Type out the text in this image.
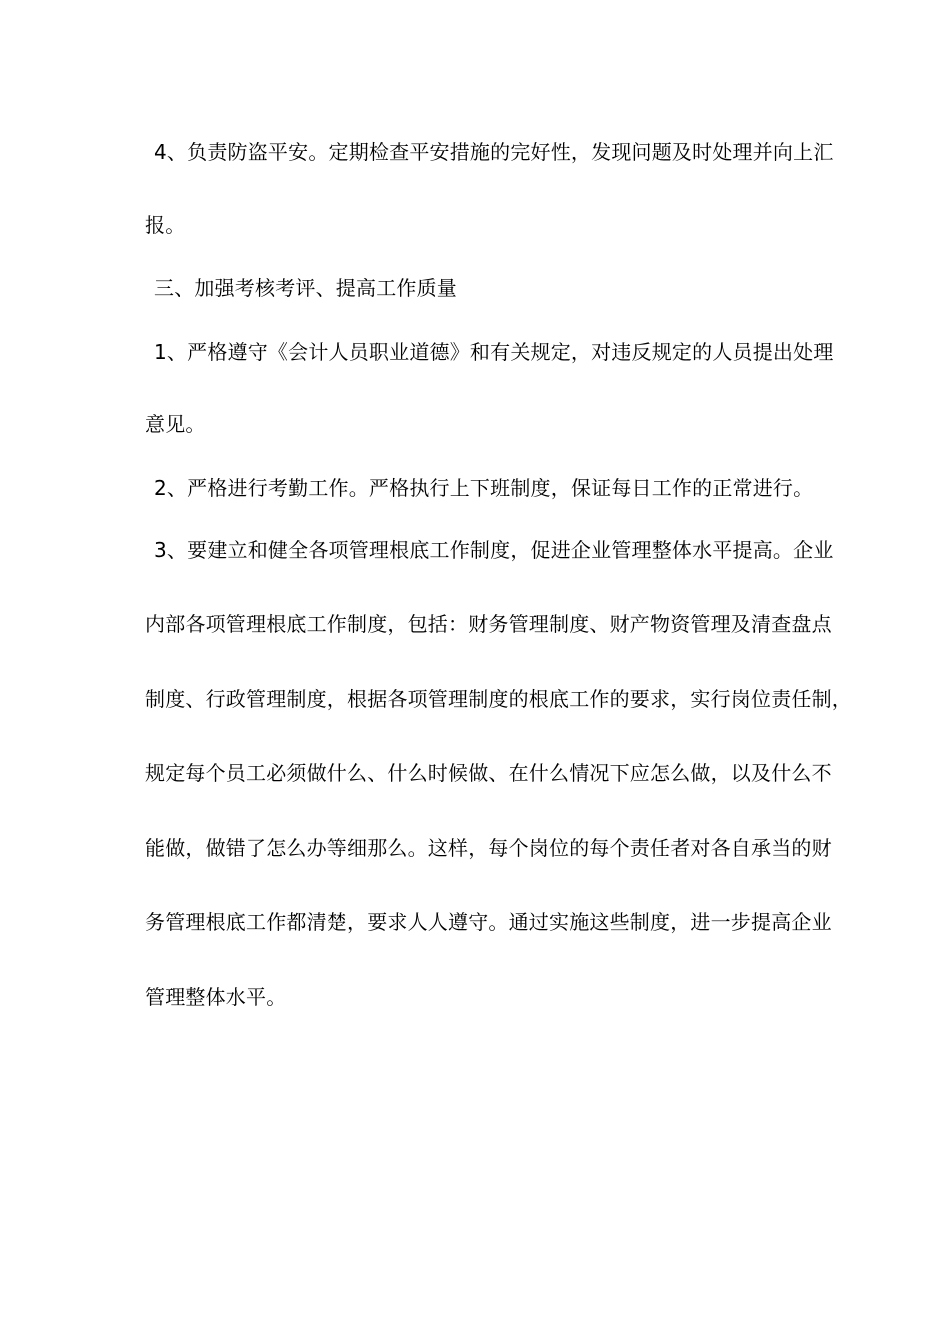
4、负责防盗平安。定期检查平安措施的完好性，发现问题及时处理并向上汇
报。
三、加强考核考评、提高工作质量
1、严格遵守《会计人员职业道德》和有关规定，对违反规定的人员提出处理
意见。
2、严格进行考勤工作。严格执行上下班制度，保证每日工作的正常进行。
3、要建立和健全各项管理根底工作制度，促进企业管理整体水平提高。企业
内部各项管理根底工作制度，包括：财务管理制度、财产物资管理及清查盘点
制度、行政管理制度，根据各项管理制度的根底工作的要求，实行岗位责任制，
规定每个员工必须做什么、什么时候做、在什么情况下应怎么做，以及什么不
能做，做错了怎么办等细那么。这样，每个岗位的每个责任者对各自承当的财
务管理根底工作都清楚，要求人人遵守。通过实施这些制度，进一步提高企业
管理整体水平。
